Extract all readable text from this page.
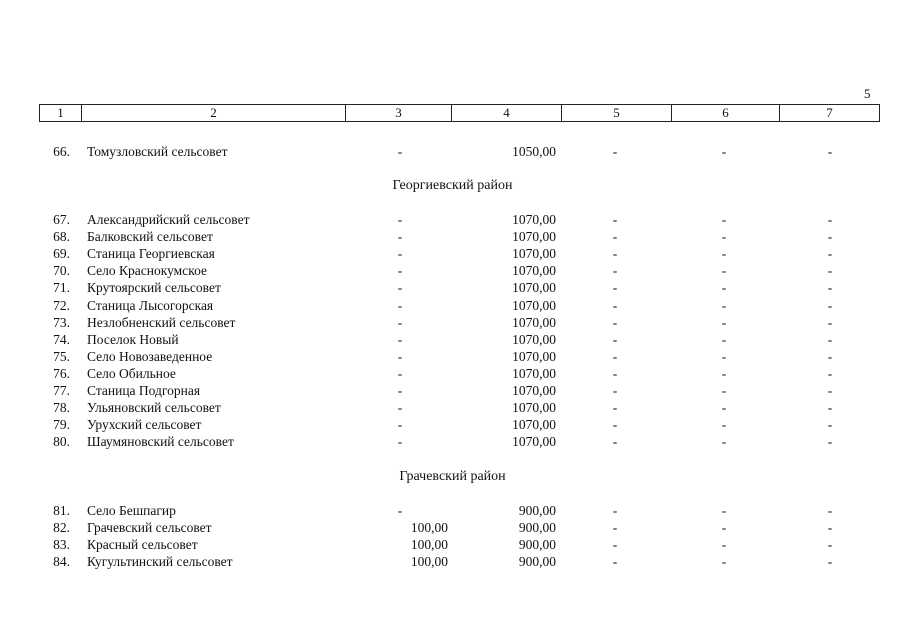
5
1	2	3	4	5	6	7
66. Томузловский сельсовет	-	1050,00	-	-	-
Георгиевский район
67. Александрийский сельсовет	-	1070,00	-	-	-
68. Балковский сельсовет	-	1070,00	-	-	-
69. Станица Георгиевская	-	1070,00	-	-	-
70. Село Краснокумское	-	1070,00	-	-	-
71. Крутоярский сельсовет	-	1070,00	-	-	-
72. Станица Лысогорская	-	1070,00	-	-	-
73. Незлобненский сельсовет	-	1070,00	-	-	-
74. Поселок Новый	-	1070,00	-	-	-
75. Село Новозаведенное	-	1070,00	-	-	-
76. Село Обильное	-	1070,00	-	-	-
77. Станица Подгорная	-	1070,00	-	-	-
78. Ульяновский сельсовет	-	1070,00	-	-	-
79. Урухский сельсовет	-	1070,00	-	-	-
80. Шаумяновский сельсовет	-	1070,00	-	-	-
Грачевский район
81. Село Бешпагир	-	900,00	-	-	-
82. Грачевский сельсовет	100,00	900,00	-	-	-
83. Красный сельсовет	100,00	900,00	-	-	-
84. Кугультинский сельсовет	100,00	900,00	-	-	-
